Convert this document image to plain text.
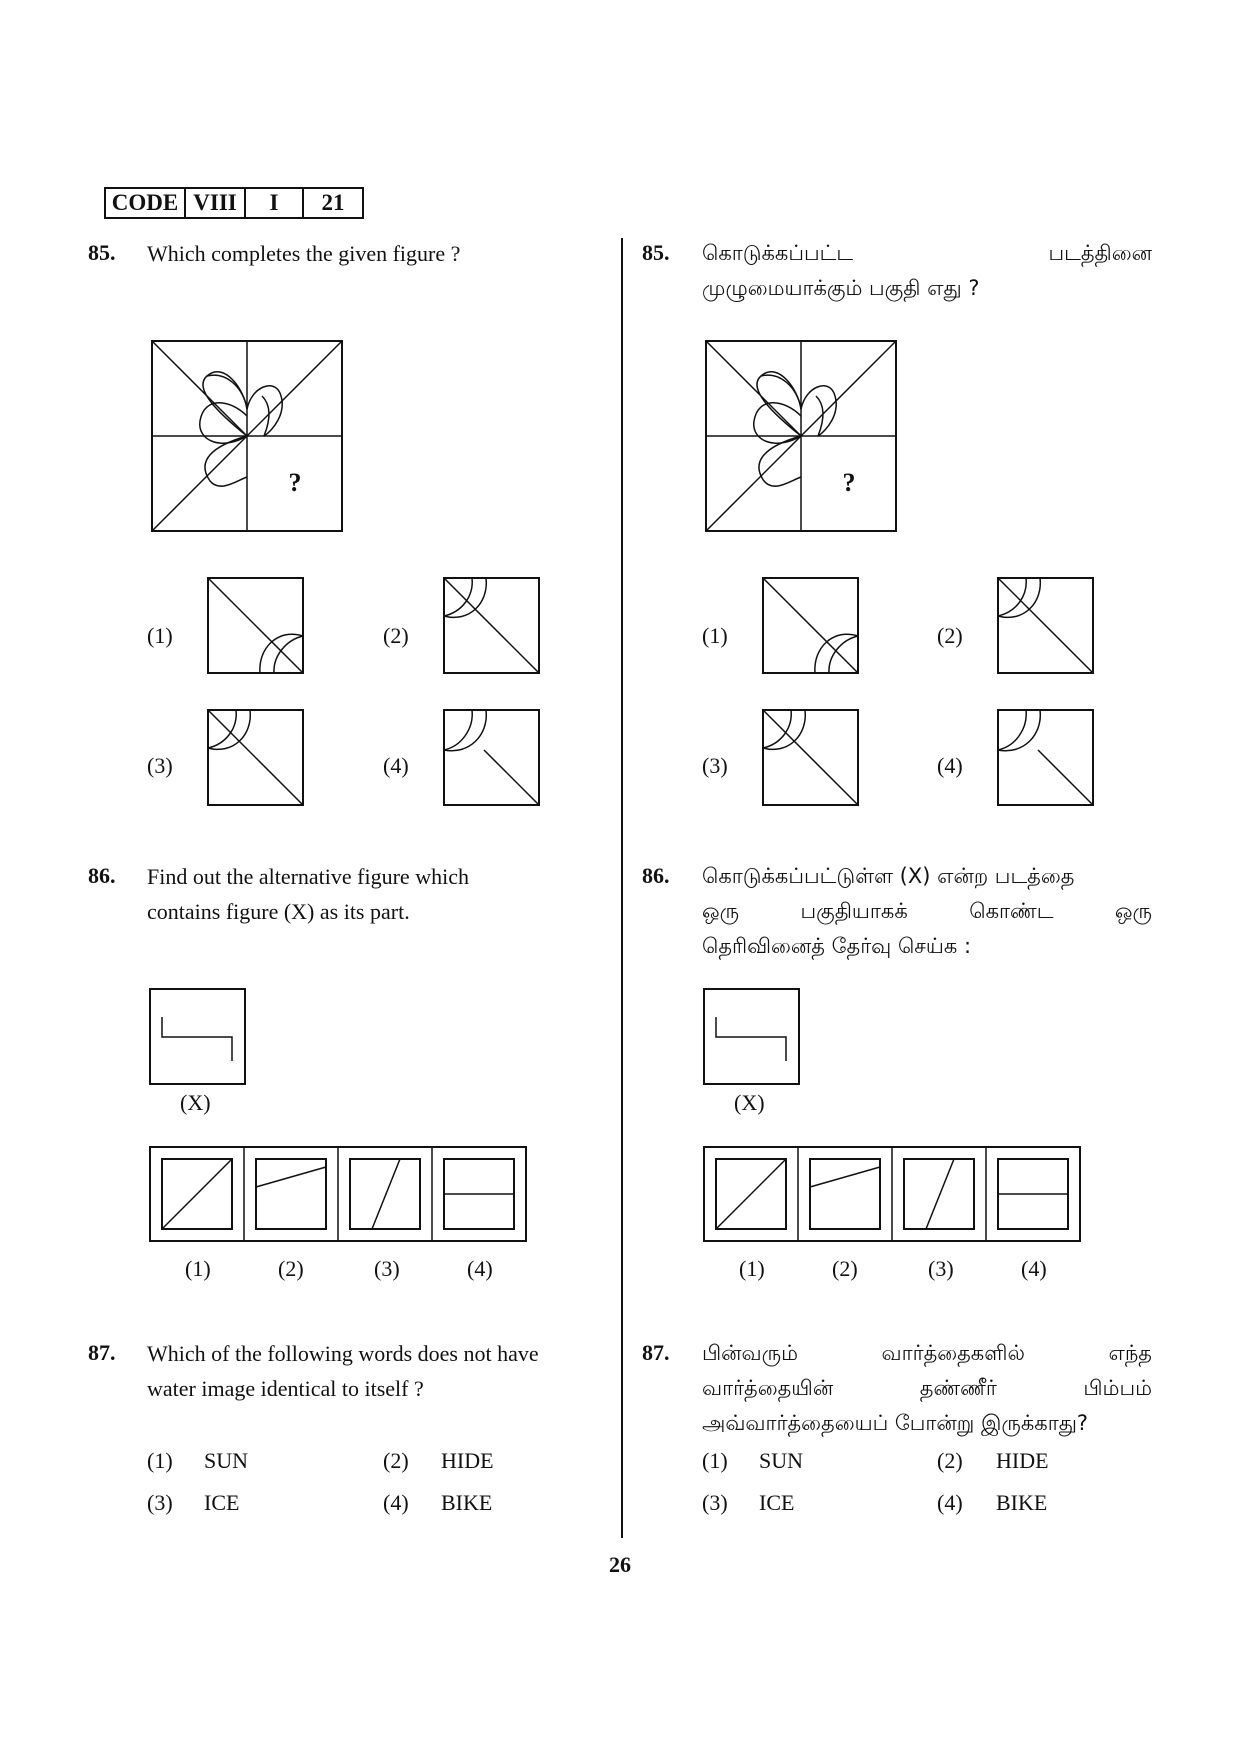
CODE VIII	I	21
85. Which completes the given figure ?
?
(1)	(2)
(3)	(4)
86. Find out the alternative figure which
contains figure (X) as its part.
(X)
(1)	(2)	(3)	(4)
87. Which of the following words does not have
water image identical to itself ?
(1) SUN	(2) HIDE
(3) ICE	(4) BIKE
85. கொடுக்கப்பட்ட	படத்தினை
முழுமையாக்கும் பகுதி எது ?
?
(1)	(2)
(3)	(4)
86. கொடுக்கப்பட்டுள்ள (X) என்ற படத்தை
ஒரு	பகுதியாகக்	கொண்ட	ஒரு
தெரிவினைத் தேர்வு செய்க :
(X)
(1)	(2)	(3)	(4)
87. பின்வரும்	வார்த்தைகளில்	எந்த
வார்த்தையின்	தண்ணீர்	பிம்பம்
அவ்வார்த்தையைப் போன்று இருக்காது?
(1) SUN	(2) HIDE
(3) ICE	(4) BIKE
26
